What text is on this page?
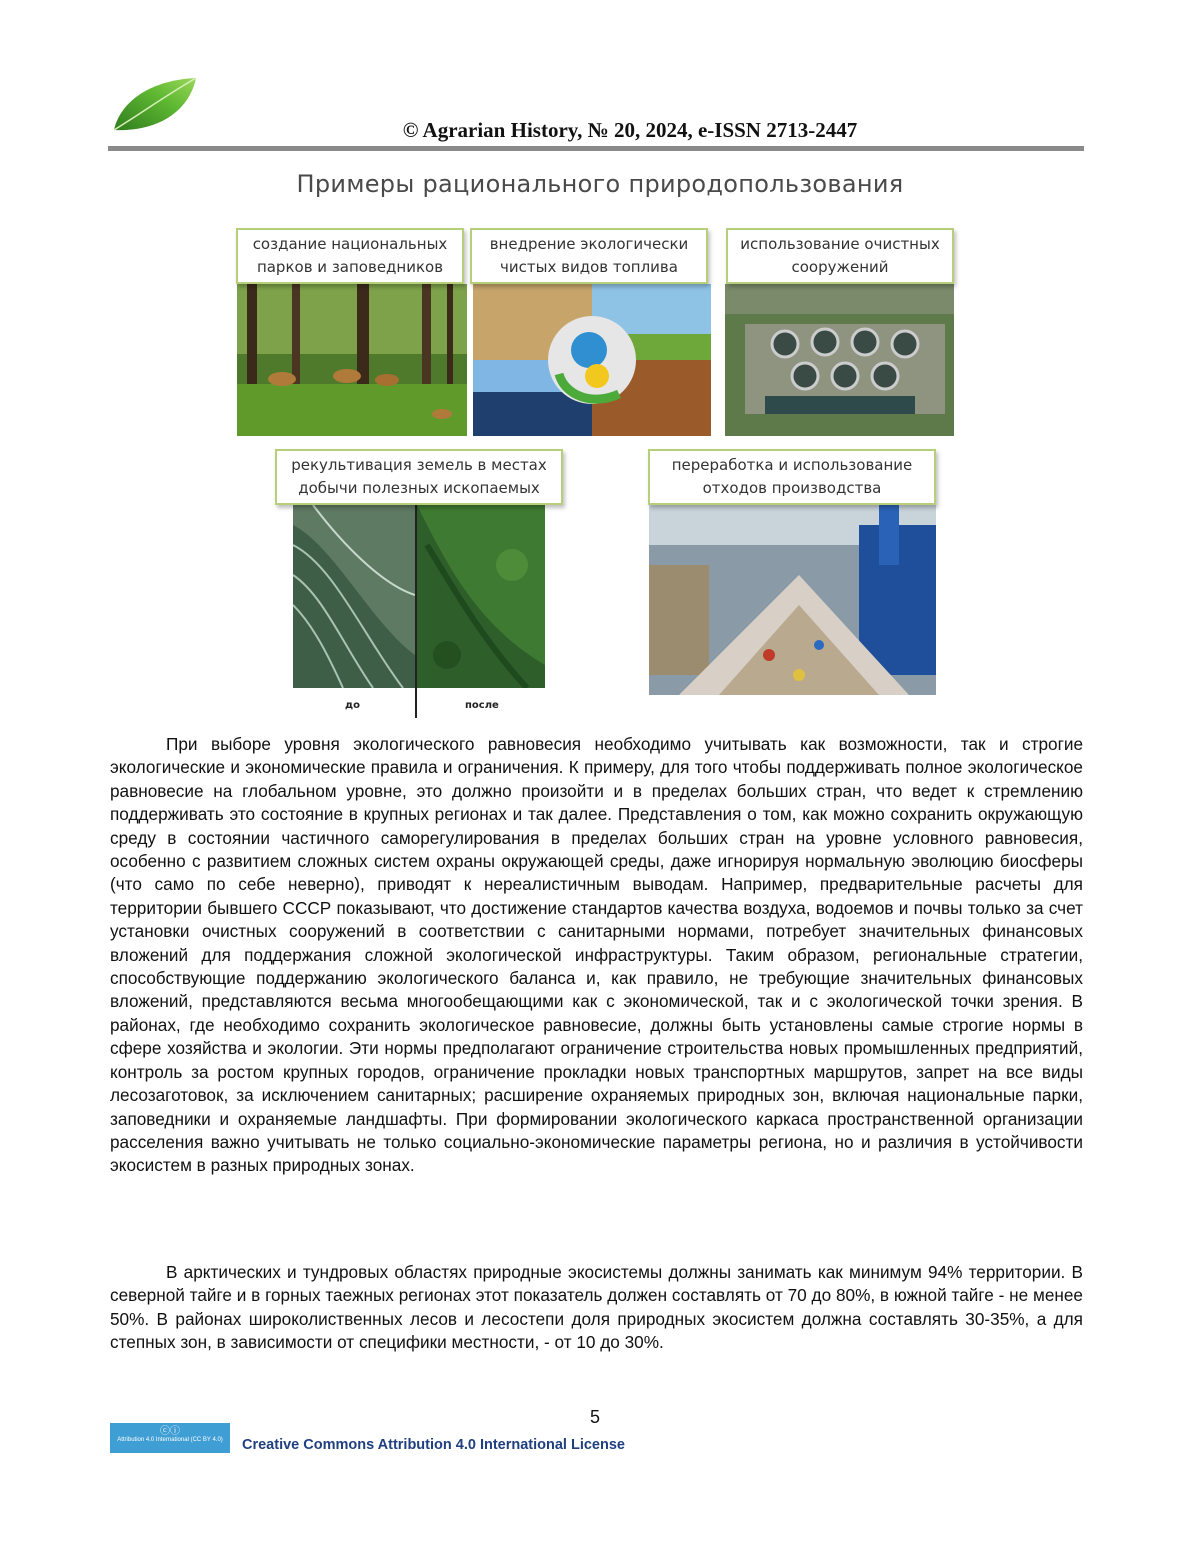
© Agrarian History, № 20, 2024, e-ISSN 2713-2447
Примеры рационального природопользования
создание национальных парков и заповедников
внедрение экологически чистых видов топлива
использование очистных сооружений
до	после
рекультивация земель в местах добычи полезных ископаемых
переработка и использование отходов производства

При выборе уровня экологического равновесия необходимо учитывать как возможности, так и строгие экологические и экономические правила и ограничения. К примеру, для того чтобы поддерживать полное экологическое равновесие на глобальном уровне, это должно произойти и в пределах больших стран, что ведет к стремлению поддерживать это состояние в крупных регионах и так далее. Представления о том, как можно сохранить окружающую среду в состоянии частичного саморегулирования в пределах больших стран на уровне условного равновесия, особенно с развитием сложных систем охраны окружающей среды, даже игнорируя нормальную эволюцию биосферы (что само по себе неверно), приводят к нереалистичным выводам. Например, предварительные расчеты для территории бывшего СССР показывают, что достижение стандартов качества воздуха, водоемов и почвы только за счет установки очистных сооружений в соответствии с санитарными нормами, потребует значительных финансовых вложений для поддержания сложной экологической инфраструктуры. Таким образом, региональные стратегии, способствующие поддержанию экологического баланса и, как правило, не требующие значительных финансовых вложений, представляются весьма многообещающими как с экономической, так и с экологической точки зрения. В районах, где необходимо сохранить экологическое равновесие, должны быть установлены самые строгие нормы в сфере хозяйства и экологии. Эти нормы предполагают ограничение строительства новых промышленных предприятий, контроль за ростом крупных городов, ограничение прокладки новых транспортных маршрутов, запрет на все виды лесозаготовок, за исключением санитарных; расширение охраняемых природных зон, включая национальные парки, заповедники и охраняемые ландшафты. При формировании экологического каркаса пространственной организации расселения важно учитывать не только социально-экономические параметры региона, но и различия в устойчивости экосистем в разных природных зонах.

В арктических и тундровых областях природные экосистемы должны занимать как минимум 94% территории. В северной тайге и в горных таежных регионах этот показатель должен составлять от 70 до 80%, в южной тайге - не менее 50%. В районах широколиственных лесов и лесостепи доля природных экосистем должна составлять 30-35%, а для степных зон, в зависимости от специфики местности, - от 10 до 30%.

5
ⓒⓘ
Attribution 4.0 International (CC BY 4.0)	Creative Commons Attribution 4.0 International License
